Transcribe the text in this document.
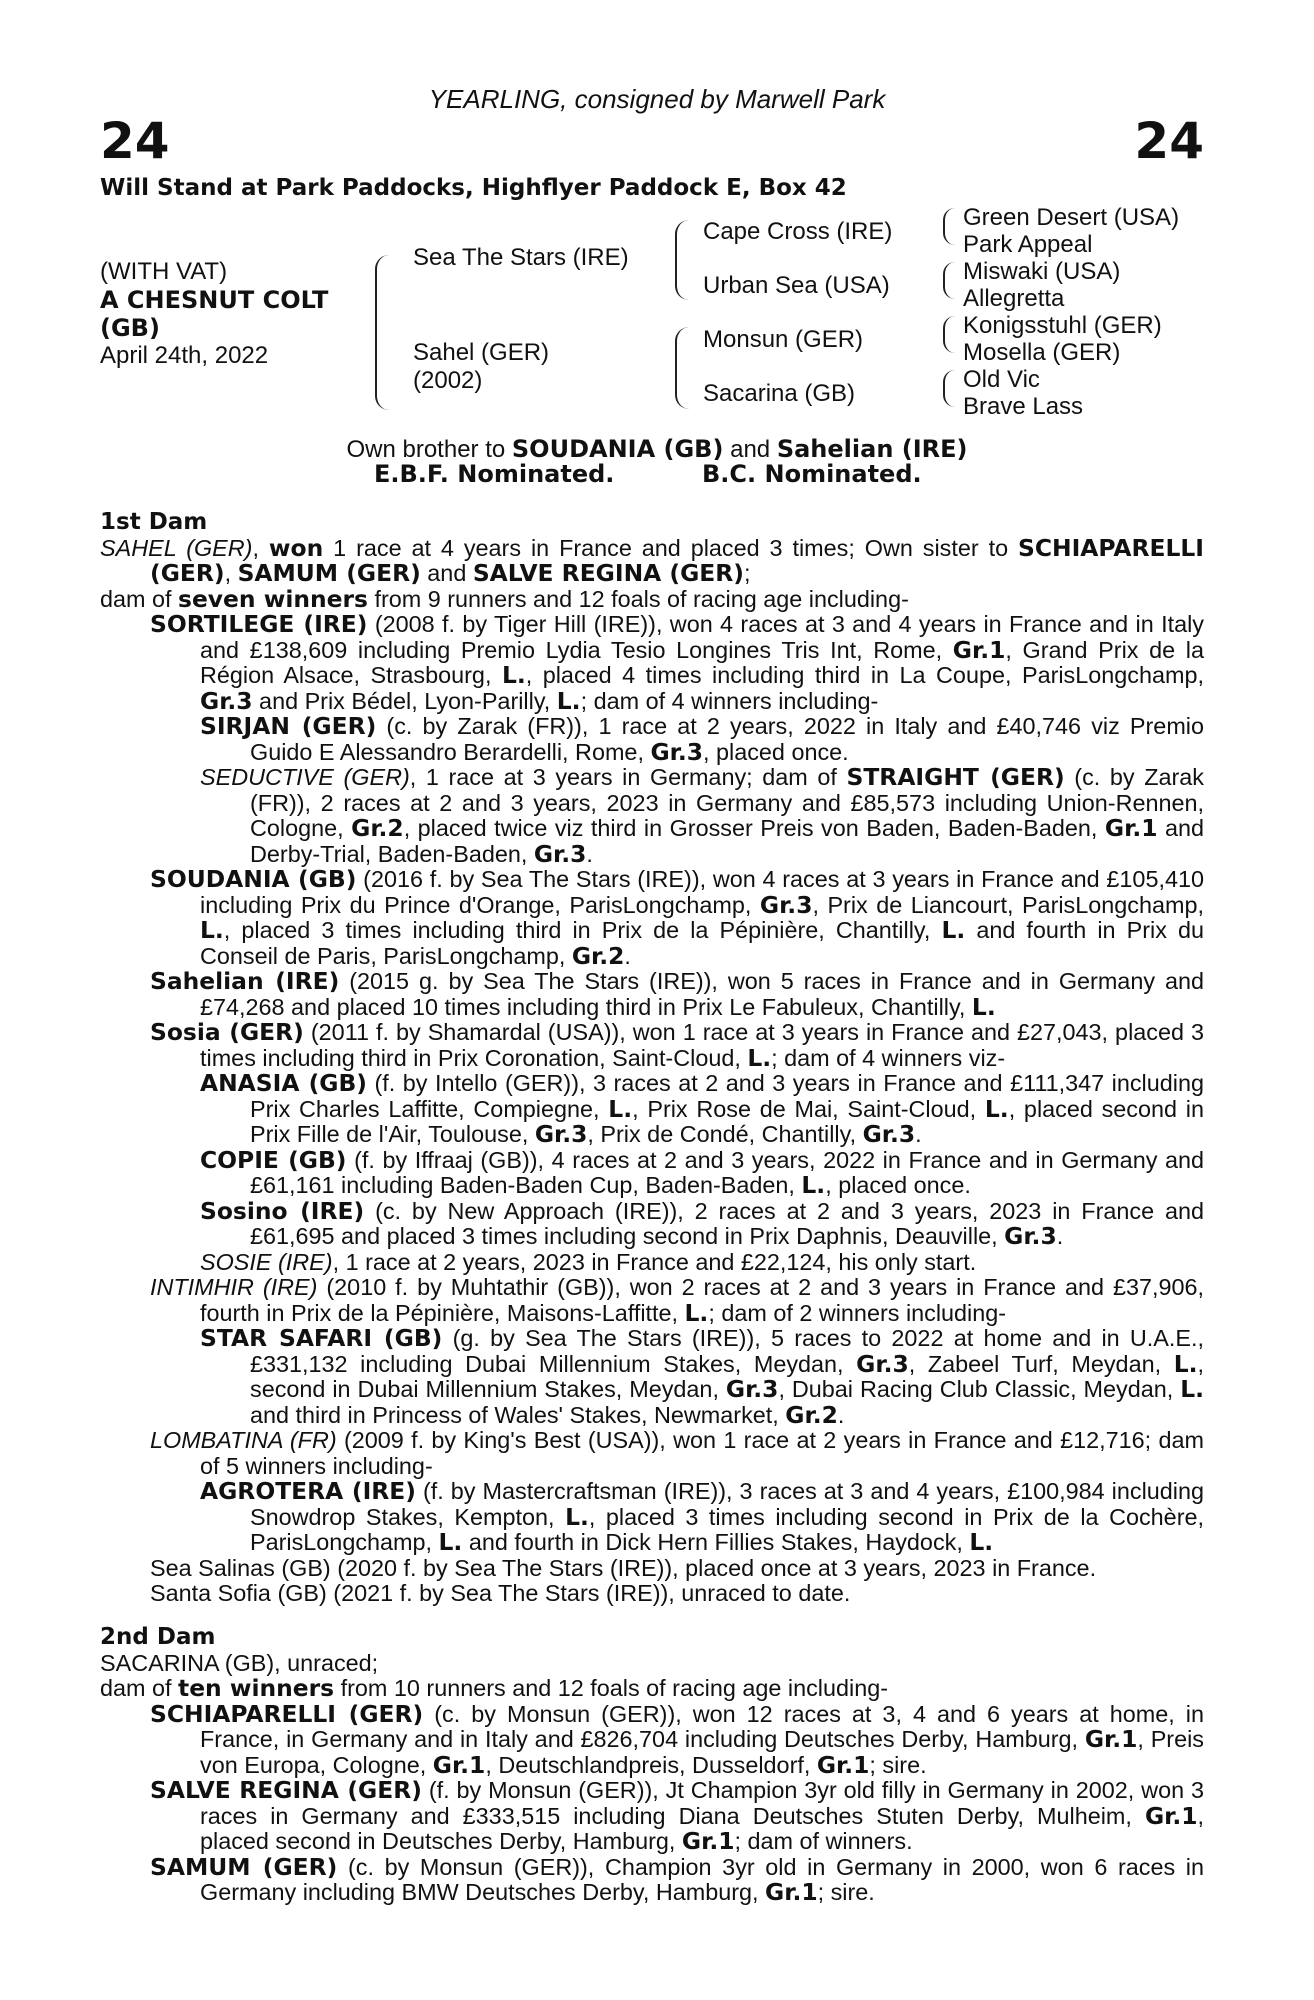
YEARLING, consigned by Marwell Park
24	24
Will Stand at Park Paddocks, Highflyer Paddock E, Box 42
(WITH VAT)
A CHESNUT COLT
(GB)
April 24th, 2022
Sea The Stars (IRE)
Sahel (GER)
(2002)
Cape Cross (IRE)
Urban Sea (USA)
Monsun (GER)
Sacarina (GB)
Green Desert (USA)
Park Appeal
Miswaki (USA)
Allegretta
Konigsstuhl (GER)
Mosella (GER)
Old Vic
Brave Lass
Own brother to SOUDANIA (GB) and Sahelian (IRE)
E.B.F. Nominated.	B.C. Nominated.
1st Dam
SAHEL (GER), won 1 race at 4 years in France and placed 3 times; Own sister to SCHIAPARELLI (GER), SAMUM (GER) and SALVE REGINA (GER);
dam of seven winners from 9 runners and 12 foals of racing age including-
SORTILEGE (IRE) (2008 f. by Tiger Hill (IRE)), won 4 races at 3 and 4 years in France and in Italy and £138,609 including Premio Lydia Tesio Longines Tris Int, Rome, Gr.1, Grand Prix de la Région Alsace, Strasbourg, L., placed 4 times including third in La Coupe, ParisLongchamp, Gr.3 and Prix Bédel, Lyon-Parilly, L.; dam of 4 winners including-
SIRJAN (GER) (c. by Zarak (FR)), 1 race at 2 years, 2022 in Italy and £40,746 viz Premio Guido E Alessandro Berardelli, Rome, Gr.3, placed once.
SEDUCTIVE (GER), 1 race at 3 years in Germany; dam of STRAIGHT (GER) (c. by Zarak (FR)), 2 races at 2 and 3 years, 2023 in Germany and £85,573 including Union-Rennen, Cologne, Gr.2, placed twice viz third in Grosser Preis von Baden, Baden-Baden, Gr.1 and Derby-Trial, Baden-Baden, Gr.3.
SOUDANIA (GB) (2016 f. by Sea The Stars (IRE)), won 4 races at 3 years in France and £105,410 including Prix du Prince d'Orange, ParisLongchamp, Gr.3, Prix de Liancourt, ParisLongchamp, L., placed 3 times including third in Prix de la Pépinière, Chantilly, L. and fourth in Prix du Conseil de Paris, ParisLongchamp, Gr.2.
Sahelian (IRE) (2015 g. by Sea The Stars (IRE)), won 5 races in France and in Germany and £74,268 and placed 10 times including third in Prix Le Fabuleux, Chantilly, L.
Sosia (GER) (2011 f. by Shamardal (USA)), won 1 race at 3 years in France and £27,043, placed 3 times including third in Prix Coronation, Saint-Cloud, L.; dam of 4 winners viz-
ANASIA (GB) (f. by Intello (GER)), 3 races at 2 and 3 years in France and £111,347 including Prix Charles Laffitte, Compiegne, L., Prix Rose de Mai, Saint-Cloud, L., placed second in Prix Fille de l'Air, Toulouse, Gr.3, Prix de Condé, Chantilly, Gr.3.
COPIE (GB) (f. by Iffraaj (GB)), 4 races at 2 and 3 years, 2022 in France and in Germany and £61,161 including Baden-Baden Cup, Baden-Baden, L., placed once.
Sosino (IRE) (c. by New Approach (IRE)), 2 races at 2 and 3 years, 2023 in France and £61,695 and placed 3 times including second in Prix Daphnis, Deauville, Gr.3.
SOSIE (IRE), 1 race at 2 years, 2023 in France and £22,124, his only start.
INTIMHIR (IRE) (2010 f. by Muhtathir (GB)), won 2 races at 2 and 3 years in France and £37,906, fourth in Prix de la Pépinière, Maisons-Laffitte, L.; dam of 2 winners including-
STAR SAFARI (GB) (g. by Sea The Stars (IRE)), 5 races to 2022 at home and in U.A.E., £331,132 including Dubai Millennium Stakes, Meydan, Gr.3, Zabeel Turf, Meydan, L., second in Dubai Millennium Stakes, Meydan, Gr.3, Dubai Racing Club Classic, Meydan, L. and third in Princess of Wales' Stakes, Newmarket, Gr.2.
LOMBATINA (FR) (2009 f. by King's Best (USA)), won 1 race at 2 years in France and £12,716; dam of 5 winners including-
AGROTERA (IRE) (f. by Mastercraftsman (IRE)), 3 races at 3 and 4 years, £100,984 including Snowdrop Stakes, Kempton, L., placed 3 times including second in Prix de la Cochère, ParisLongchamp, L. and fourth in Dick Hern Fillies Stakes, Haydock, L.
Sea Salinas (GB) (2020 f. by Sea The Stars (IRE)), placed once at 3 years, 2023 in France.
Santa Sofia (GB) (2021 f. by Sea The Stars (IRE)), unraced to date.
2nd Dam
SACARINA (GB), unraced;
dam of ten winners from 10 runners and 12 foals of racing age including-
SCHIAPARELLI (GER) (c. by Monsun (GER)), won 12 races at 3, 4 and 6 years at home, in France, in Germany and in Italy and £826,704 including Deutsches Derby, Hamburg, Gr.1, Preis von Europa, Cologne, Gr.1, Deutschlandpreis, Dusseldorf, Gr.1; sire.
SALVE REGINA (GER) (f. by Monsun (GER)), Jt Champion 3yr old filly in Germany in 2002, won 3 races in Germany and £333,515 including Diana Deutsches Stuten Derby, Mulheim, Gr.1, placed second in Deutsches Derby, Hamburg, Gr.1; dam of winners.
SAMUM (GER) (c. by Monsun (GER)), Champion 3yr old in Germany in 2000, won 6 races in Germany including BMW Deutsches Derby, Hamburg, Gr.1; sire.
